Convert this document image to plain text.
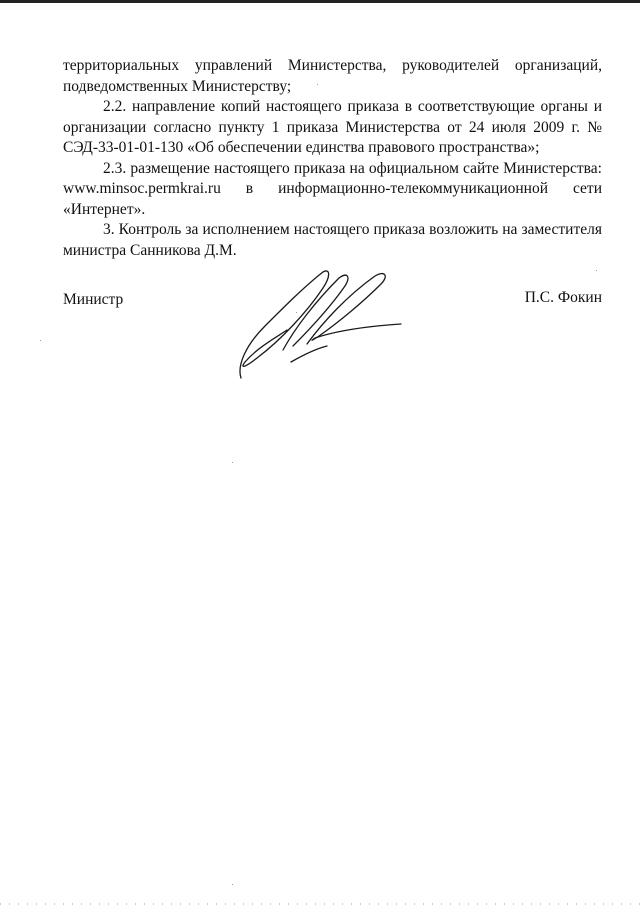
территориальных управлений Министерства, руководителей организаций, подведомственных Министерству;

2.2. направление копий настоящего приказа в соответствующие органы и организации согласно пункту 1 приказа Министерства от 24 июля 2009 г. № СЭД-33-01-01-130 «Об обеспечении единства правового пространства»;

2.3. размещение настоящего приказа на официальном сайте Министерства: www.minsoc.permkrai.ru в информационно-телекоммуникационной сети «Интернет».

3. Контроль за исполнением настоящего приказа возложить на заместителя министра Санникова Д.М.

Министр	П.С. Фокин
